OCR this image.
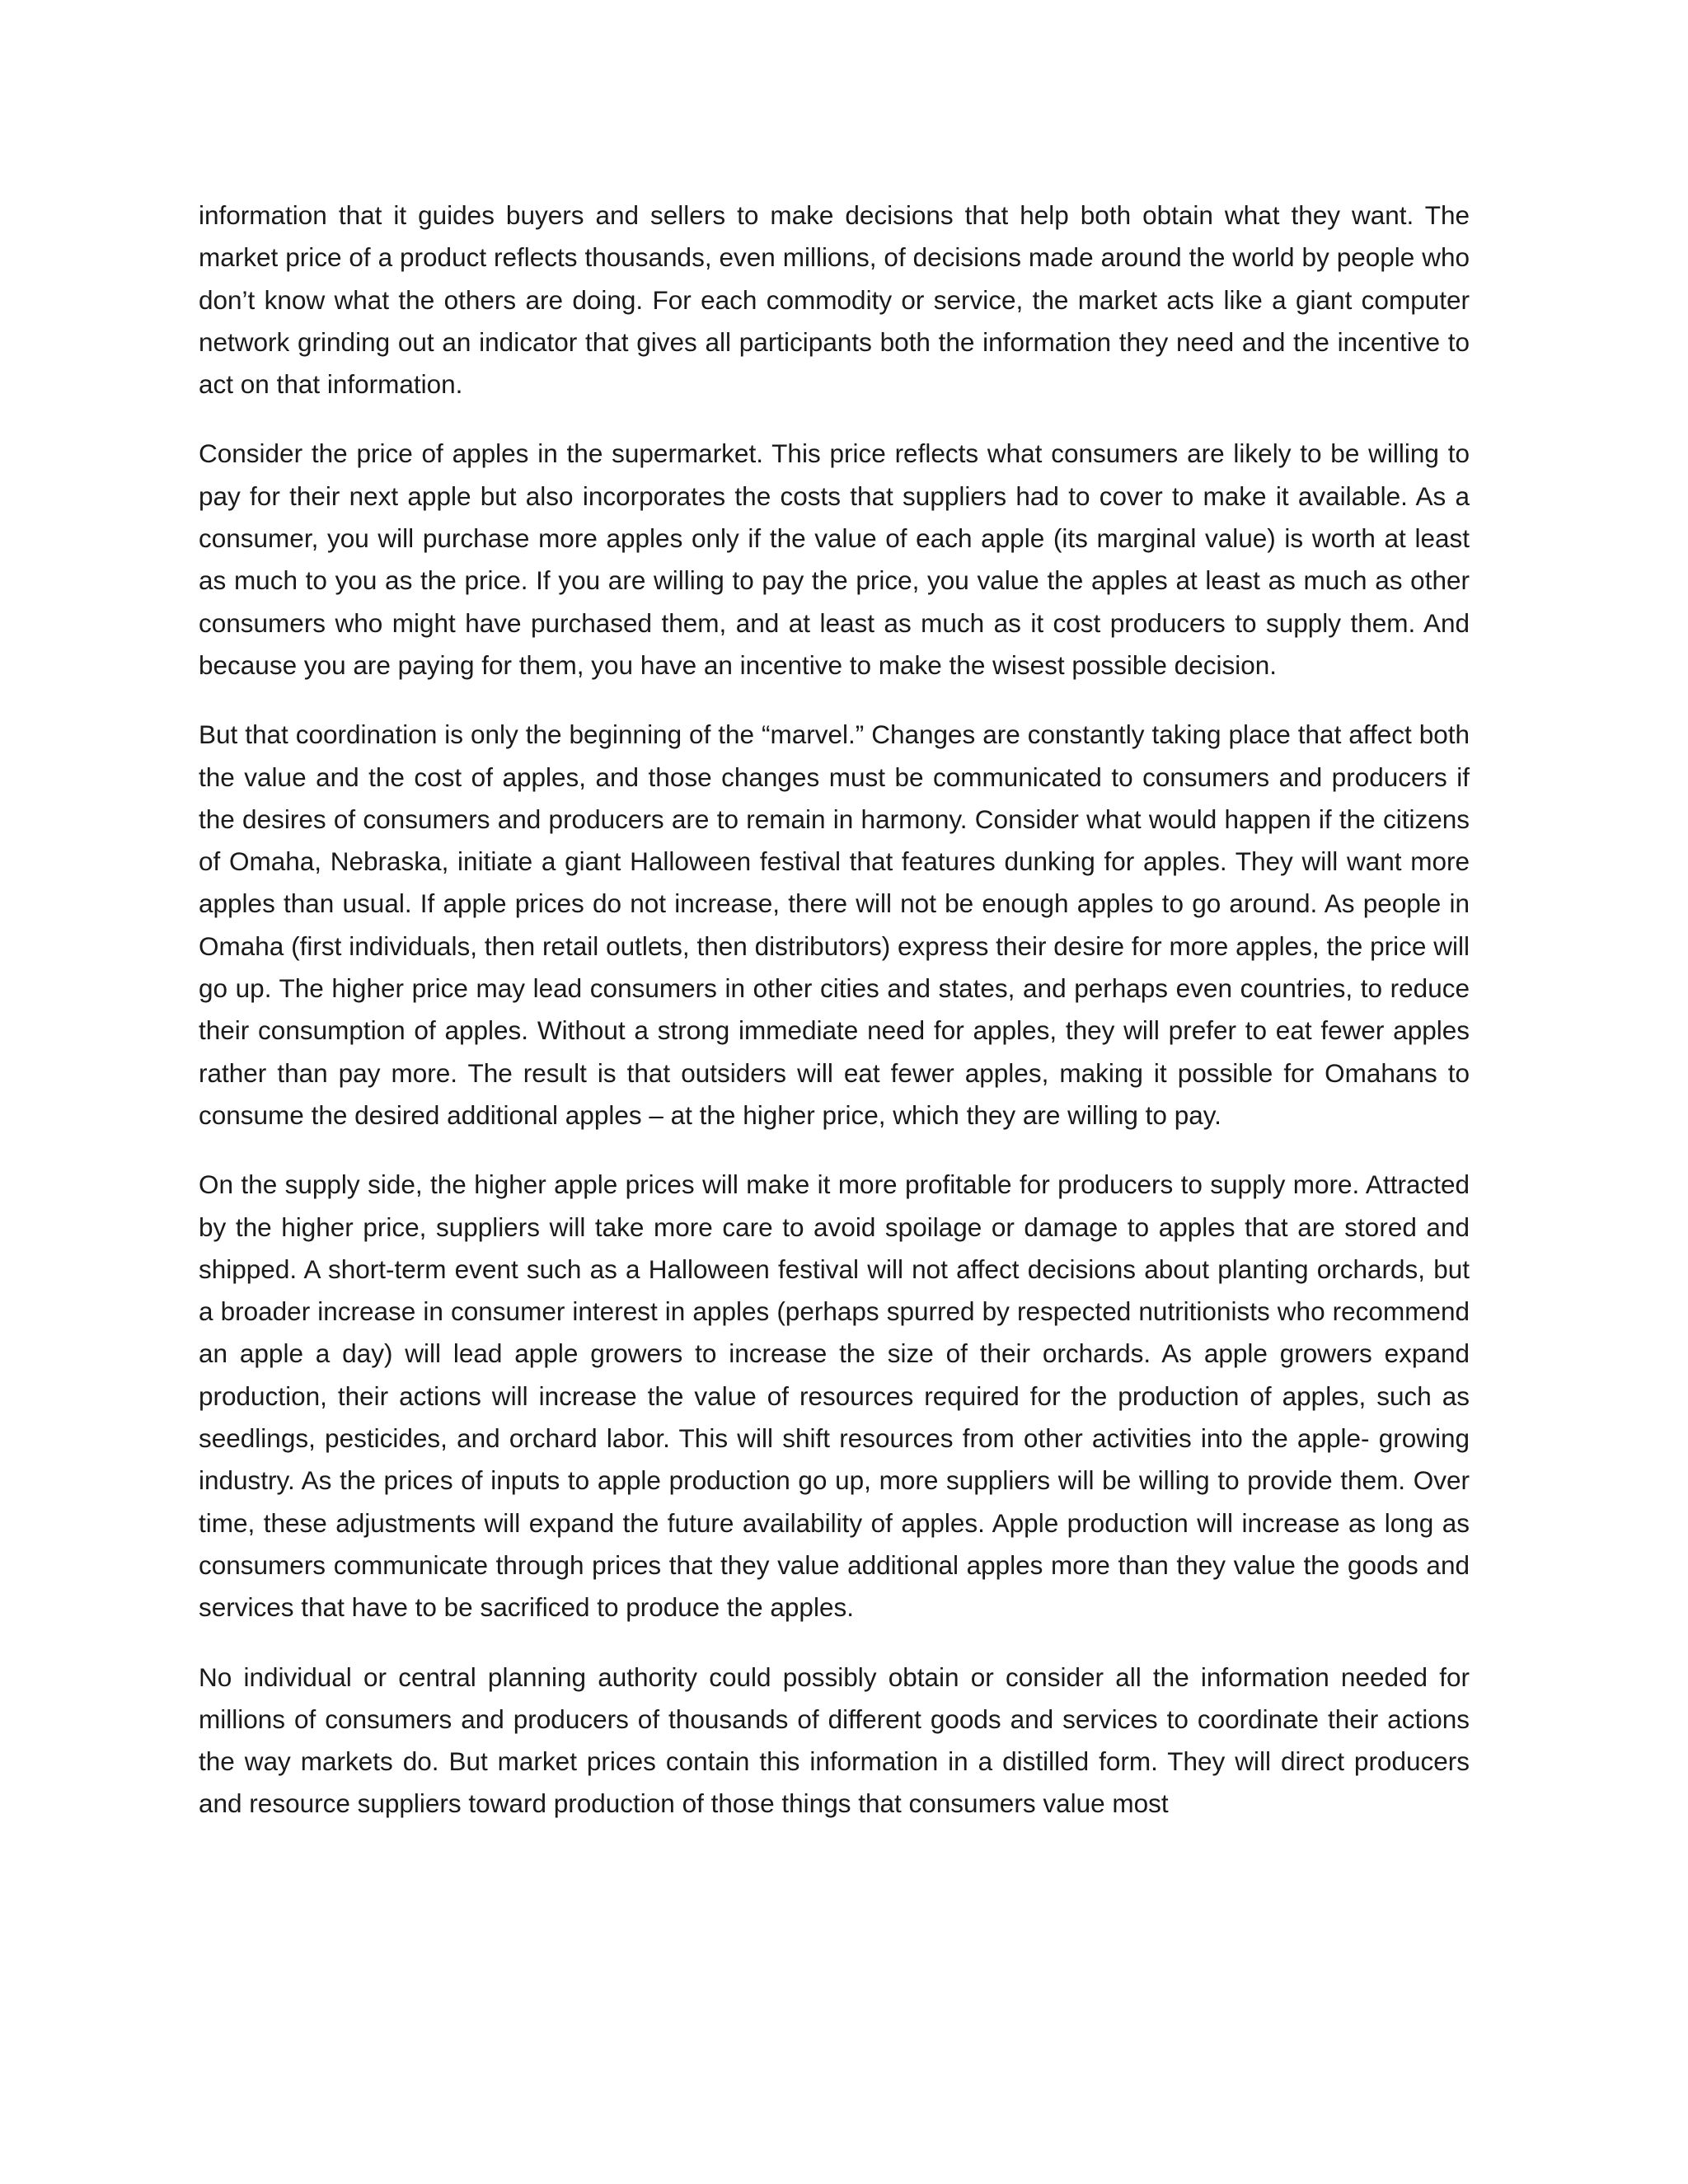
information that it guides buyers and sellers to make decisions that help both obtain what they want. The market price of a product reflects thousands, even millions, of decisions made around the world by people who don’t know what the others are doing. For each commodity or service, the market acts like a giant computer network grinding out an indicator that gives all participants both the information they need and the incentive to act on that information.

Consider the price of apples in the supermarket. This price reflects what consumers are likely to be willing to pay for their next apple but also incorporates the costs that suppliers had to cover to make it available. As a consumer, you will purchase more apples only if the value of each apple (its marginal value) is worth at least as much to you as the price. If you are willing to pay the price, you value the apples at least as much as other consumers who might have purchased them, and at least as much as it cost producers to supply them. And because you are paying for them, you have an incentive to make the wisest possible decision.

But that coordination is only the beginning of the “marvel.” Changes are constantly taking place that affect both the value and the cost of apples, and those changes must be communicated to consumers and producers if the desires of consumers and producers are to remain in harmony. Consider what would happen if the citizens of Omaha, Nebraska, initiate a giant Halloween festival that features dunking for apples. They will want more apples than usual. If apple prices do not increase, there will not be enough apples to go around. As people in Omaha (first individuals, then retail outlets, then distributors) express their desire for more apples, the price will go up. The higher price may lead consumers in other cities and states, and perhaps even countries, to reduce their consumption of apples. Without a strong immediate need for apples, they will prefer to eat fewer apples rather than pay more. The result is that outsiders will eat fewer apples, making it possible for Omahans to consume the desired additional apples – at the higher price, which they are willing to pay.

On the supply side, the higher apple prices will make it more profitable for producers to supply more. Attracted by the higher price, suppliers will take more care to avoid spoilage or damage to apples that are stored and shipped. A short-term event such as a Halloween festival will not affect decisions about planting orchards, but a broader increase in consumer interest in apples (perhaps spurred by respected nutritionists who recommend an apple a day) will lead apple growers to increase the size of their orchards. As apple growers expand production, their actions will increase the value of resources required for the production of apples, such as seedlings, pesticides, and orchard labor. This will shift resources from other activities into the apple- growing industry. As the prices of inputs to apple production go up, more suppliers will be willing to provide them. Over time, these adjustments will expand the future availability of apples. Apple production will increase as long as consumers communicate through prices that they value additional apples more than they value the goods and services that have to be sacrificed to produce the apples.

No individual or central planning authority could possibly obtain or consider all the information needed for millions of consumers and producers of thousands of different goods and services to coordinate their actions the way markets do. But market prices contain this information in a distilled form. They will direct producers and resource suppliers toward production of those things that consumers value most
